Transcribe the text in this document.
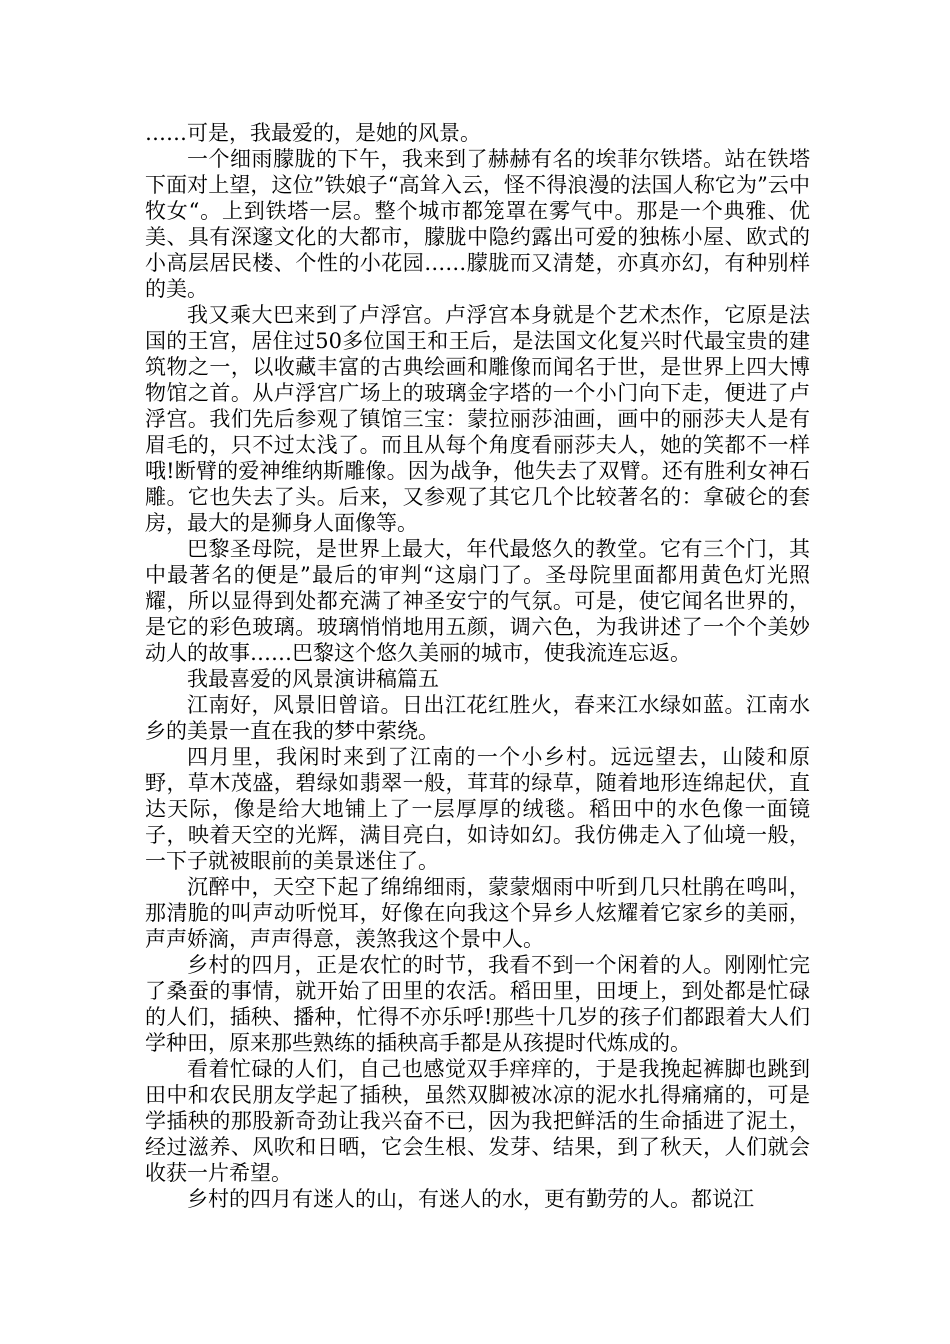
……可是，我最爱的，是她的风景。

一个细雨朦胧的下午，我来到了赫赫有名的埃菲尔铁塔。站在铁塔下面对上望，这位”铁娘子“高耸入云，怪不得浪漫的法国人称它为”云中牧女“。上到铁塔一层。整个城市都笼罩在雾气中。那是一个典雅、优美、具有深邃文化的大都市，朦胧中隐约露出可爱的独栋小屋、欧式的小高层居民楼、个性的小花园……朦胧而又清楚，亦真亦幻，有种别样的美。

我又乘大巴来到了卢浮宫。卢浮宫本身就是个艺术杰作，它原是法国的王宫，居住过50多位国王和王后，是法国文化复兴时代最宝贵的建筑物之一，以收藏丰富的古典绘画和雕像而闻名于世，是世界上四大博物馆之首。从卢浮宫广场上的玻璃金字塔的一个小门向下走，便进了卢浮宫。我们先后参观了镇馆三宝：蒙拉丽莎油画，画中的丽莎夫人是有眉毛的，只不过太浅了。而且从每个角度看丽莎夫人，她的笑都不一样哦!断臂的爱神维纳斯雕像。因为战争，他失去了双臂。还有胜利女神石雕。它也失去了头。后来，又参观了其它几个比较著名的：拿破仑的套房，最大的是狮身人面像等。

巴黎圣母院，是世界上最大，年代最悠久的教堂。它有三个门，其中最著名的便是”最后的审判“这扇门了。圣母院里面都用黄色灯光照耀，所以显得到处都充满了神圣安宁的气氛。可是，使它闻名世界的，是它的彩色玻璃。玻璃悄悄地用五颜，调六色，为我讲述了一个个美妙动人的故事……巴黎这个悠久美丽的城市，使我流连忘返。

我最喜爱的风景演讲稿篇五

江南好，风景旧曾谙。日出江花红胜火，春来江水绿如蓝。江南水乡的美景一直在我的梦中萦绕。

四月里，我闲时来到了江南的一个小乡村。远远望去，山陵和原野，草木茂盛，碧绿如翡翠一般，茸茸的绿草，随着地形连绵起伏，直达天际，像是给大地铺上了一层厚厚的绒毯。稻田中的水色像一面镜子，映着天空的光辉，满目亮白，如诗如幻。我仿佛走入了仙境一般，一下子就被眼前的美景迷住了。

沉醉中，天空下起了绵绵细雨，蒙蒙烟雨中听到几只杜鹃在鸣叫，那清脆的叫声动听悦耳，好像在向我这个异乡人炫耀着它家乡的美丽，声声娇滴，声声得意，羡煞我这个景中人。

乡村的四月，正是农忙的时节，我看不到一个闲着的人。刚刚忙完了桑蚕的事情，就开始了田里的农活。稻田里，田埂上，到处都是忙碌的人们，插秧、播种，忙得不亦乐呼!那些十几岁的孩子们都跟着大人们学种田，原来那些熟练的插秧高手都是从孩提时代炼成的。

看着忙碌的人们，自己也感觉双手痒痒的，于是我挽起裤脚也跳到田中和农民朋友学起了插秧，虽然双脚被冰凉的泥水扎得痛痛的，可是学插秧的那股新奇劲让我兴奋不已，因为我把鲜活的生命插进了泥土，经过滋养、风吹和日晒，它会生根、发芽、结果，到了秋天，人们就会收获一片希望。

乡村的四月有迷人的山，有迷人的水，更有勤劳的人。都说江
